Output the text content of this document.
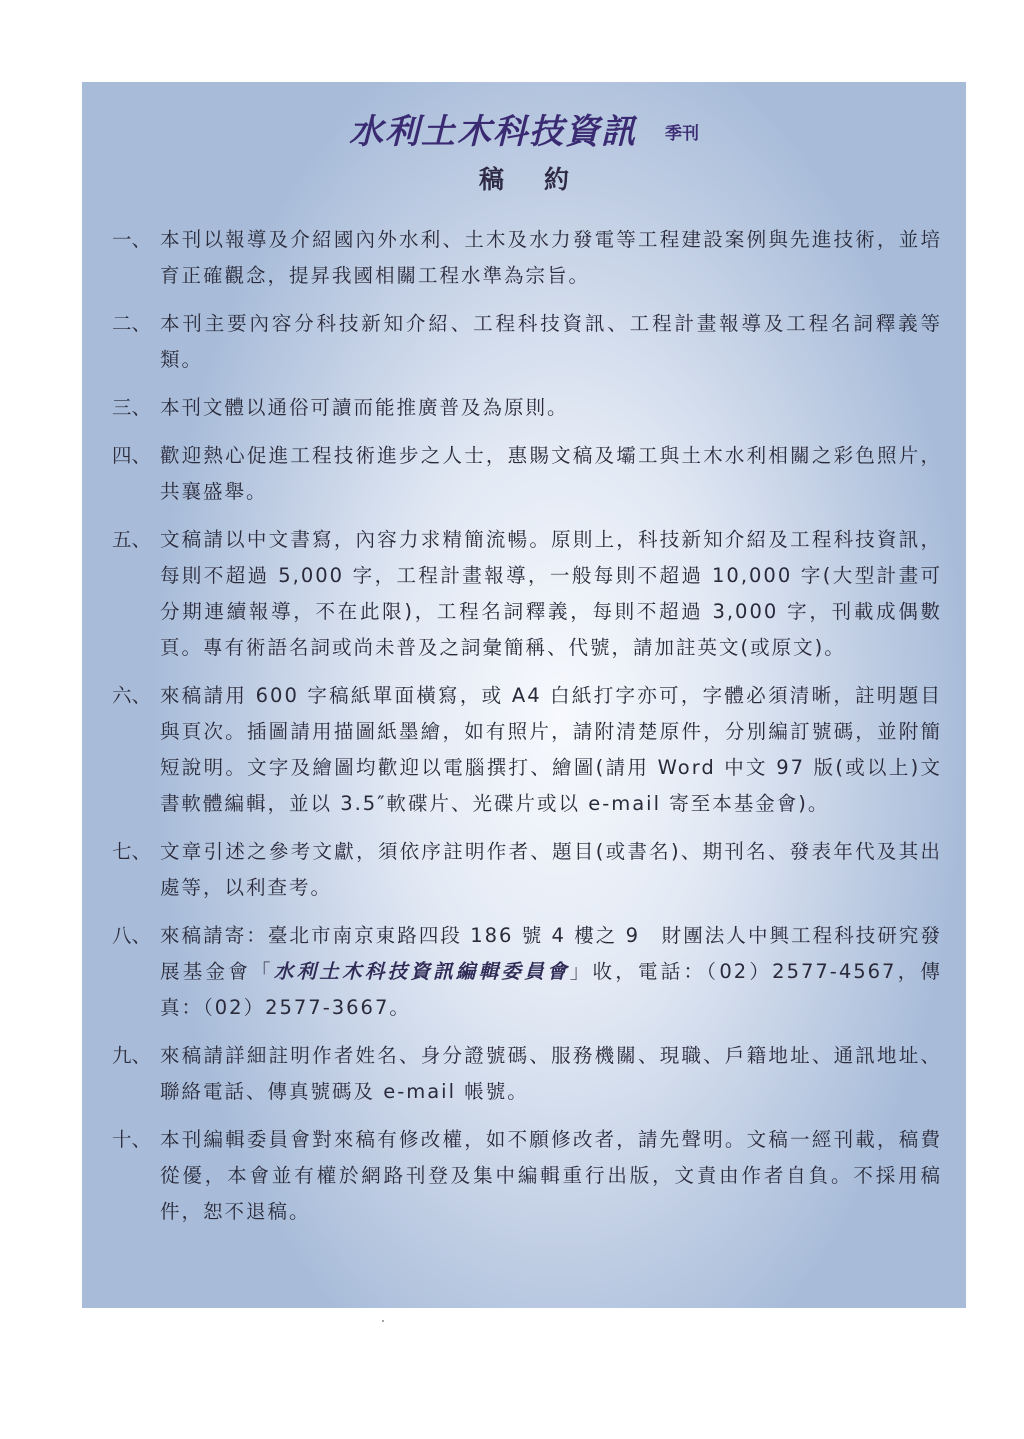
水利土木科技資訊 季刊
稿約
一、 本刊以報導及介紹國內外水利、土木及水力發電等工程建設案例與先進技術，並培育正確觀念，提昇我國相關工程水準為宗旨。
二、 本刊主要內容分科技新知介紹、工程科技資訊、工程計畫報導及工程名詞釋義等類。
三、 本刊文體以通俗可讀而能推廣普及為原則。
四、 歡迎熱心促進工程技術進步之人士，惠賜文稿及壩工與土木水利相關之彩色照片，共襄盛舉。
五、 文稿請以中文書寫，內容力求精簡流暢。原則上，科技新知介紹及工程科技資訊，每則不超過 5,000 字，工程計畫報導，一般每則不超過 10,000 字(大型計畫可分期連續報導，不在此限)，工程名詞釋義，每則不超過 3,000 字，刊載成偶數頁。專有術語名詞或尚未普及之詞彙簡稱、代號，請加註英文(或原文)。
六、 來稿請用 600 字稿紙單面橫寫，或 A4 白紙打字亦可，字體必須清晰，註明題目與頁次。插圖請用描圖紙墨繪，如有照片，請附清楚原件，分別編訂號碼，並附簡短說明。文字及繪圖均歡迎以電腦撰打、繪圖(請用 Word 中文 97 版(或以上)文書軟體編輯，並以 3.5″軟碟片、光碟片或以 e-mail 寄至本基金會)。
七、 文章引述之參考文獻，須依序註明作者、題目(或書名)、期刊名、發表年代及其出處等，以利查考。
八、 來稿請寄：臺北市南京東路四段 186 號 4 樓之 9　財團法人中興工程科技研究發展基金會「水利土木科技資訊編輯委員會」收，電話：（02）2577-4567，傳真：（02）2577-3667。
九、 來稿請詳細註明作者姓名、身分證號碼、服務機關、現職、戶籍地址、通訊地址、聯絡電話、傳真號碼及 e-mail 帳號。
十、 本刊編輯委員會對來稿有修改權，如不願修改者，請先聲明。文稿一經刊載，稿費從優，本會並有權於網路刊登及集中編輯重行出版，文責由作者自負。不採用稿件，恕不退稿。
